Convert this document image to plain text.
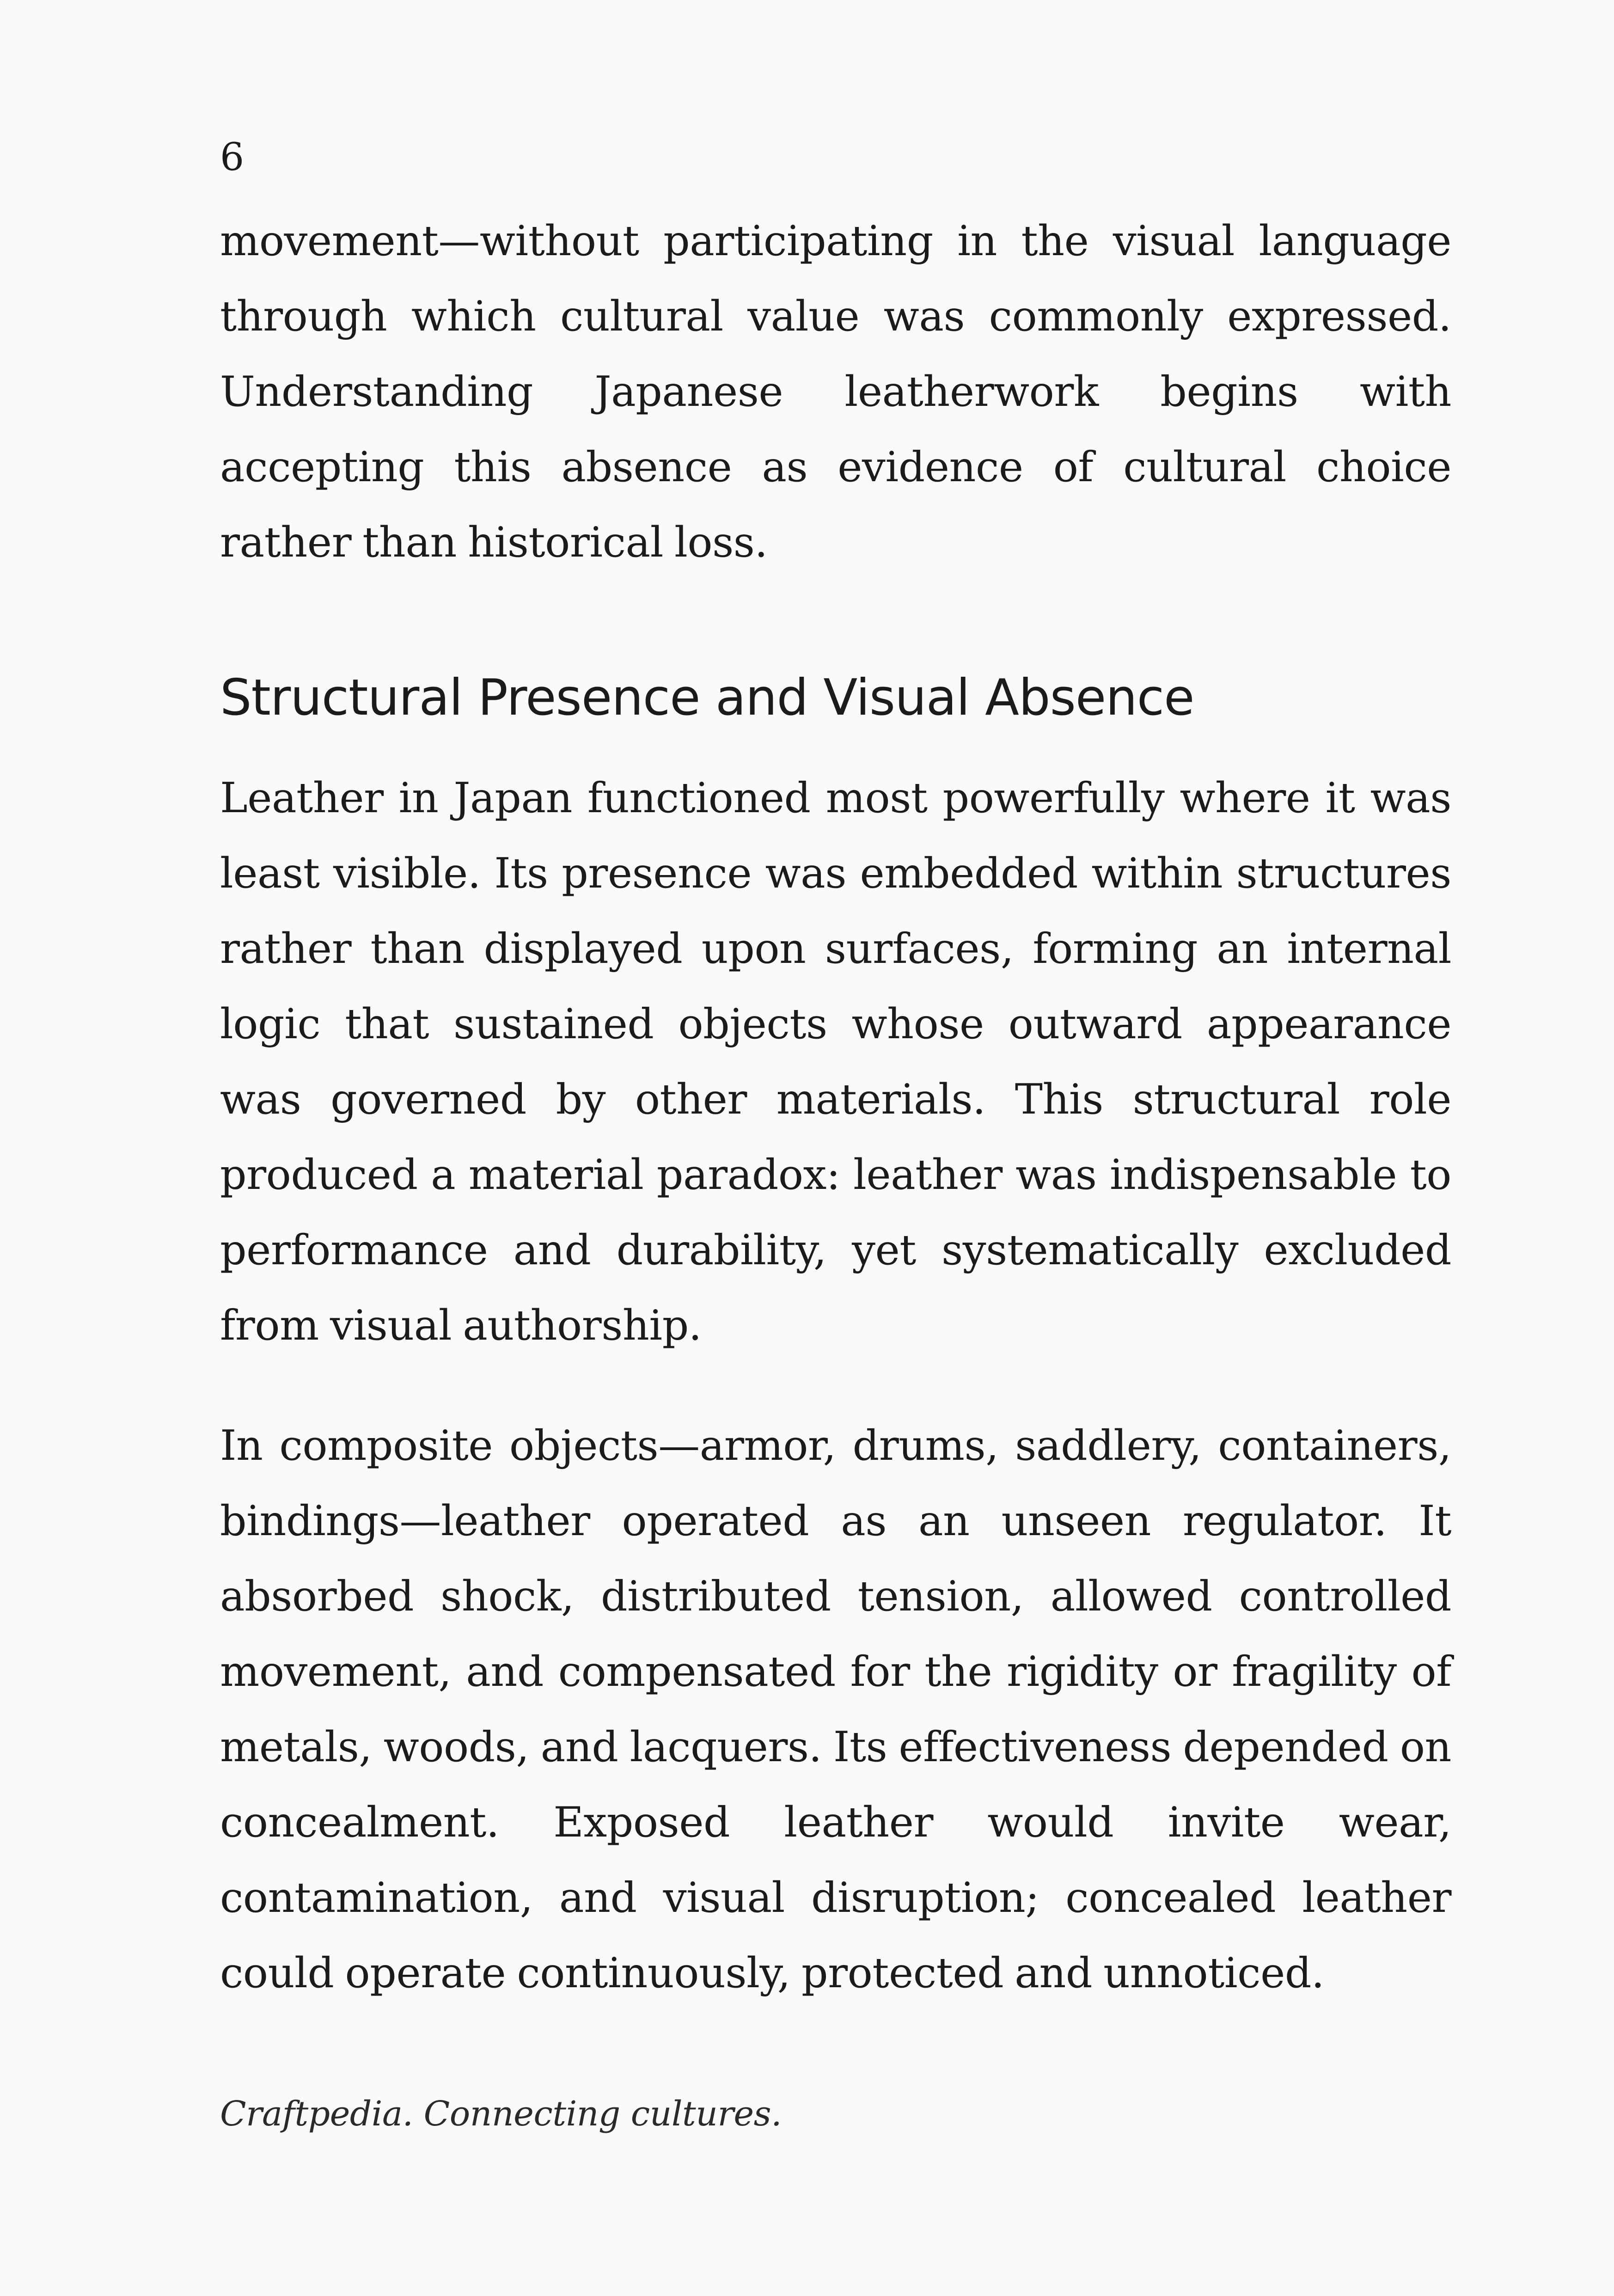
6

movement—without participating in the visual language through which cultural value was commonly expressed. Understanding Japanese leatherwork begins with accepting this absence as evidence of cultural choice rather than historical loss.

Structural Presence and Visual Absence

Leather in Japan functioned most powerfully where it was least visible. Its presence was embedded within structures rather than displayed upon surfaces, forming an internal logic that sustained objects whose outward appearance was governed by other materials. This structural role produced a material paradox: leather was indispensable to performance and durability, yet systematically excluded from visual authorship.

In composite objects—armor, drums, saddlery, containers, bindings—leather operated as an unseen regulator. It absorbed shock, distributed tension, allowed controlled movement, and compensated for the rigidity or fragility of metals, woods, and lacquers. Its effectiveness depended on concealment. Exposed leather would invite wear, contamination, and visual disruption; concealed leather could operate continuously, protected and unnoticed.

Craftpedia. Connecting cultures.
